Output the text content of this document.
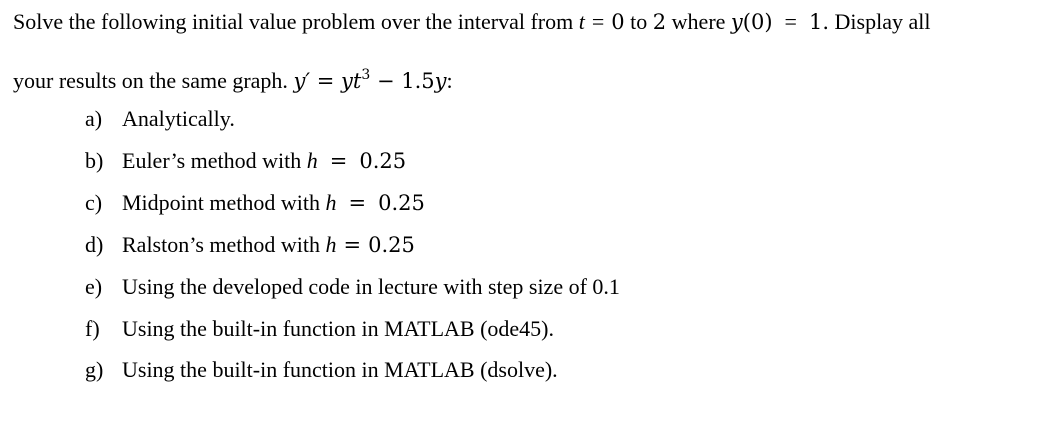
Solve the following initial value problem over the interval from t = 0 to 2 where y(0) = 1. Display all
your results on the same graph. $y' = yt^3 - 1.5y$:
a) Analytically.
b) Euler’s method with h = 0.25
c) Midpoint method with h = 0.25
d) Ralston’s method with h = 0.25
e) Using the developed code in lecture with step size of 0.1
f) Using the built-in function in MATLAB (ode45).
g) Using the built-in function in MATLAB (dsolve).
